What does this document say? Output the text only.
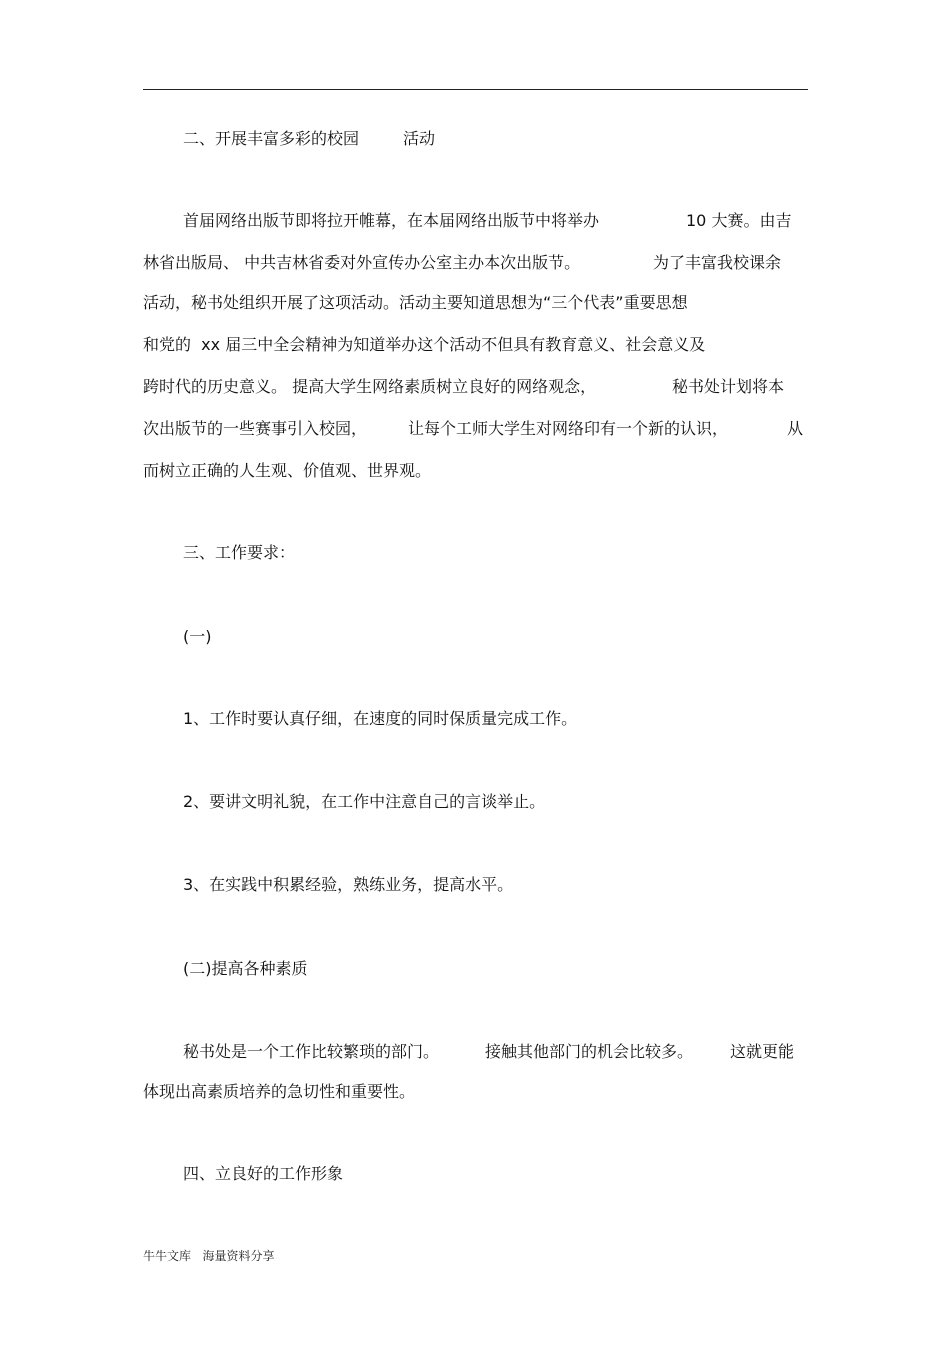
二、开展丰富多彩的校园	活动
首届网络出版节即将拉开帷幕，在本届网络出版节中将举办	10 大赛。由吉
林省出版局、 中共吉林省委对外宣传办公室主办本次出版节。	为了丰富我校课余
活动，秘书处组织开展了这项活动。活动主要知道思想为“三个代表”重要思想
和党的  xx 届三中全会精神为知道举办这个活动不但具有教育意义、社会意义及
跨时代的历史意义。 提高大学生网络素质树立良好的网络观念，	秘书处计划将本
次出版节的一些赛事引入校园，	让每个工师大学生对网络印有一个新的认识，	从
而树立正确的人生观、价值观、世界观。
三、工作要求：
(一)
1、工作时要认真仔细，在速度的同时保质量完成工作。
2、要讲文明礼貌，在工作中注意自己的言谈举止。
3、在实践中积累经验，熟练业务，提高水平。
(二)提高各种素质
秘书处是一个工作比较繁琐的部门。	接触其他部门的机会比较多。 这就更能
体现出高素质培养的急切性和重要性。
四、立良好的工作形象
牛牛文库   海量资料分享
